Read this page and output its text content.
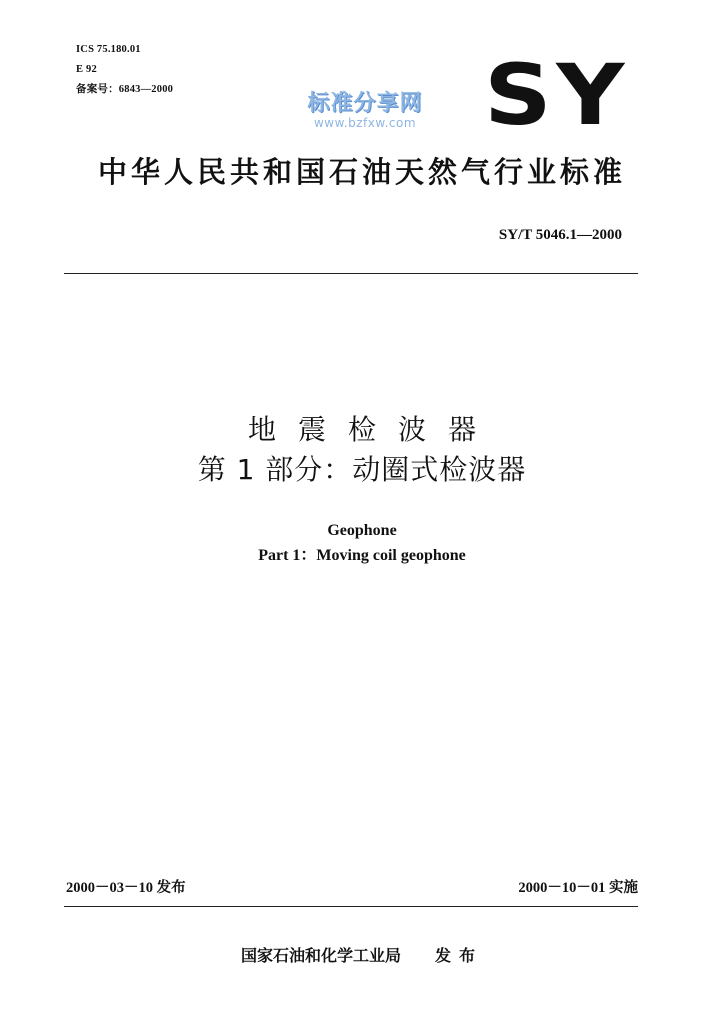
ICS 75.180.01
E 92
备案号：6843—2000	SY
标准分享网
www.bzfxw.com
中华人民共和国石油天然气行业标准
SY/T 5046.1—2000
地震检波器
第 1 部分：动圈式检波器
Geophone
Part 1：Moving coil geophone
2000－03－10 发布	2000－10－01 实施
国家石油和化学工业局 发布
